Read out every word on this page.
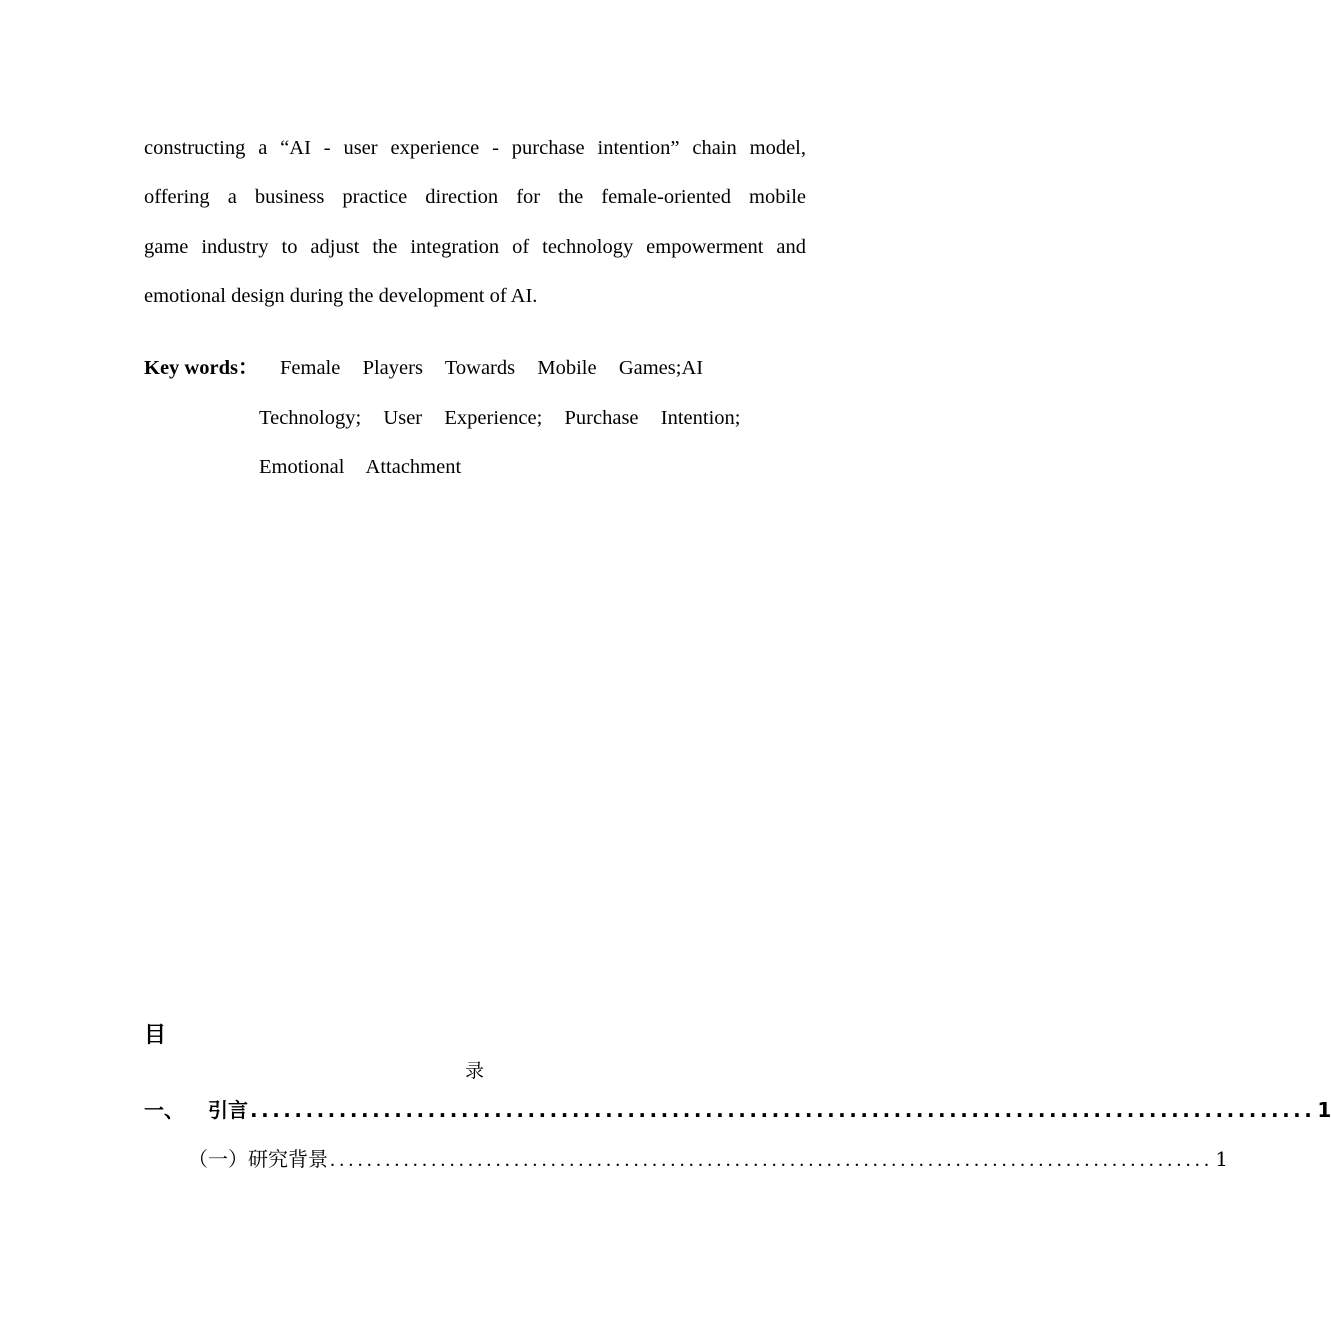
constructing a “AI - user experience - purchase intention” chain model,
offering a business practice direction for the female-oriented mobile
game industry to adjust the integration of technology empowerment and
emotional design during the development of AI.
Key words： Female  Players  Towards  Mobile  Games;AI
Technology;  User  Experience;  Purchase  Intention;
Emotional  Attachment
目
录
一、 引言 ................................................................................................ 1
（一） 研究背景 ................................................................................................ 1
